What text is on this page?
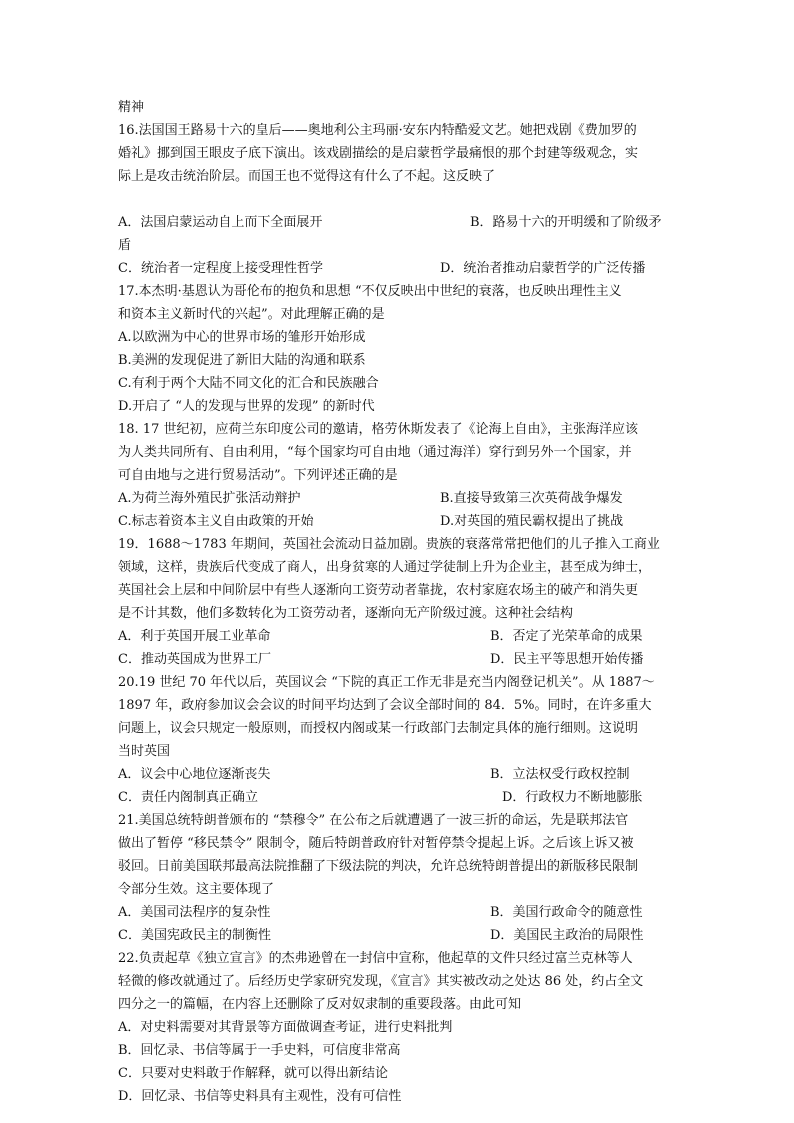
精神
16.法国国王路易十六的皇后——奥地利公主玛丽·安东内特酷爱文艺。她把戏剧《费加罗的
婚礼》挪到国王眼皮子底下演出。该戏剧描绘的是启蒙哲学最痛恨的那个封建等级观念，实
际上是攻击统治阶层。而国王也不觉得这有什么了不起。这反映了
A．法国启蒙运动自上而下全面展开	B．路易十六的开明缓和了阶级矛
盾
C．统治者一定程度上接受理性哲学	D．统治者推动启蒙哲学的广泛传播
17.本杰明·基恩认为哥伦布的抱负和思想 “不仅反映出中世纪的衰落，也反映出理性主义
和资本主义新时代的兴起”。对此理解正确的是
A.以欧洲为中心的世界市场的雏形开始形成
B.美洲的发现促进了新旧大陆的沟通和联系
C.有利于两个大陆不同文化的汇合和民族融合
D.开启了 “人的发现与世界的发现” 的新时代
18. 17 世纪初，应荷兰东印度公司的邀请，格劳休斯发表了《论海上自由》，主张海洋应该
为人类共同所有、自由利用，“每个国家均可自由地（通过海洋）穿行到另外一个国家，并
可自由地与之进行贸易活动”。下列评述正确的是
A.为荷兰海外殖民扩张活动辩护	B.直接导致第三次英荷战争爆发
C.标志着资本主义自由政策的开始	D.对英国的殖民霸权提出了挑战
19．1688～1783 年期间，英国社会流动日益加剧。贵族的衰落常常把他们的儿子推入工商业
领域，这样，贵族后代变成了商人，出身贫寒的人通过学徒制上升为企业主，甚至成为绅士，
英国社会上层和中间阶层中有些人逐渐向工资劳动者靠拢，农村家庭农场主的破产和消失更
是不计其数，他们多数转化为工资劳动者，逐渐向无产阶级过渡。这种社会结构
A．利于英国开展工业革命	B．否定了光荣革命的成果
C．推动英国成为世界工厂	D．民主平等思想开始传播
20.19 世纪 70 年代以后，英国议会 “下院的真正工作无非是充当内阁登记机关”。从 1887～
1897 年，政府参加议会会议的时间平均达到了会议全部时间的 84．5%。同时，在许多重大
问题上，议会只规定一般原则，而授权内阁或某一行政部门去制定具体的施行细则。这说明
当时英国
A．议会中心地位逐渐丧失	B．立法权受行政权控制
C．责任内阁制真正确立	D．行政权力不断地膨胀
21.美国总统特朗普颁布的 “禁穆令” 在公布之后就遭遇了一波三折的命运，先是联邦法官
做出了暂停 “移民禁令” 限制令，随后特朗普政府针对暂停禁令提起上诉。之后该上诉又被
驳回。日前美国联邦最高法院推翻了下级法院的判决，允许总统特朗普提出的新版移民限制
令部分生效。这主要体现了
A．美国司法程序的复杂性	B．美国行政命令的随意性
C．美国宪政民主的制衡性	D．美国民主政治的局限性
22.负责起草《独立宣言》的杰弗逊曾在一封信中宣称，他起草的文件只经过富兰克林等人
轻微的修改就通过了。后经历史学家研究发现，《宣言》其实被改动之处达 86 处，约占全文
四分之一的篇幅，在内容上还删除了反对奴隶制的重要段落。由此可知
A．对史料需要对其背景等方面做调查考证，进行史料批判
B．回忆录、书信等属于一手史料，可信度非常高
C．只要对史料敢于作解释，就可以得出新结论
D．回忆录、书信等史料具有主观性，没有可信性
